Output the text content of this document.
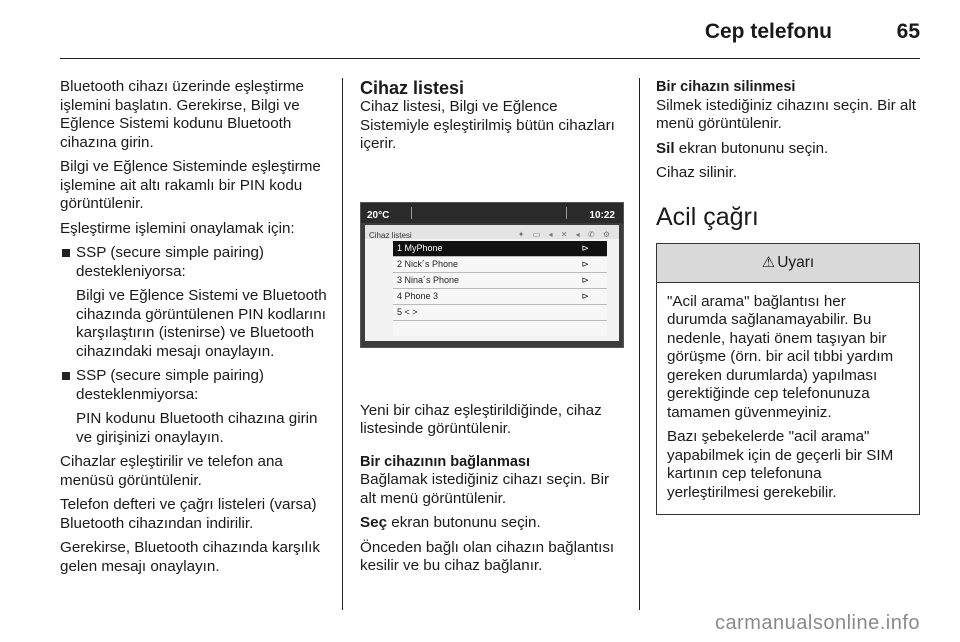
Cep telefonu	65

Bluetooth cihazı üzerinde eşleştirme işlemini başlatın. Gerekirse, Bilgi ve Eğlence Sistemi kodunu Bluetooth cihazına girin.

Bilgi ve Eğlence Sisteminde eşleştirme işlemine ait altı rakamlı bir PIN kodu görüntülenir.

Eşleştirme işlemini onaylamak için:

SSP (secure simple pairing) destekleniyorsa:
Bilgi ve Eğlence Sistemi ve Bluetooth cihazında görüntülenen PIN kodlarını karşılaştırın (istenirse) ve Bluetooth cihazındaki mesajı onaylayın.
SSP (secure simple pairing) desteklenmiyorsa:
PIN kodunu Bluetooth cihazına girin ve girişinizi onaylayın.

Cihazlar eşleştirilir ve telefon ana menüsü görüntülenir.

Telefon defteri ve çağrı listeleri (varsa) Bluetooth cihazından indirilir.

Gerekirse, Bluetooth cihazında karşılık gelen mesajı onaylayın.

Cihaz listesi

Cihaz listesi, Bilgi ve Eğlence Sistemiyle eşleştirilmiş bütün cihazları içerir.

20°C	10:22
Cihaz listesi	✦ ▭ ◂ ✕ ◂ ✆ ⚙
1 MyPhone	⊳
2 Nick´s Phone	⊳
3 Nina´s Phone	⊳
4 Phone 3	⊳
5 < >

Yeni bir cihaz eşleştirildiğinde, cihaz listesinde görüntülenir.

Bir cihazının bağlanması

Bağlamak istediğiniz cihazı seçin. Bir alt menü görüntülenir.

Seç ekran butonunu seçin.

Önceden bağlı olan cihazın bağlantısı kesilir ve bu cihaz bağlanır.

Bir cihazın silinmesi

Silmek istediğiniz cihazını seçin. Bir alt menü görüntülenir.

Sil ekran butonunu seçin.

Cihaz silinir.

Acil çağrı
⚠ Uyarı

"Acil arama" bağlantısı her durumda sağlanamayabilir. Bu nedenle, hayati önem taşıyan bir görüşme (örn. bir acil tıbbi yardım gereken durumlarda) yapılması gerektiğinde cep telefonunuza tamamen güvenmeyiniz.

Bazı şebekelerde "acil arama" yapabilmek için de geçerli bir SIM kartının cep telefonuna yerleştirilmesi gerekebilir.

carmanualsonline.info
